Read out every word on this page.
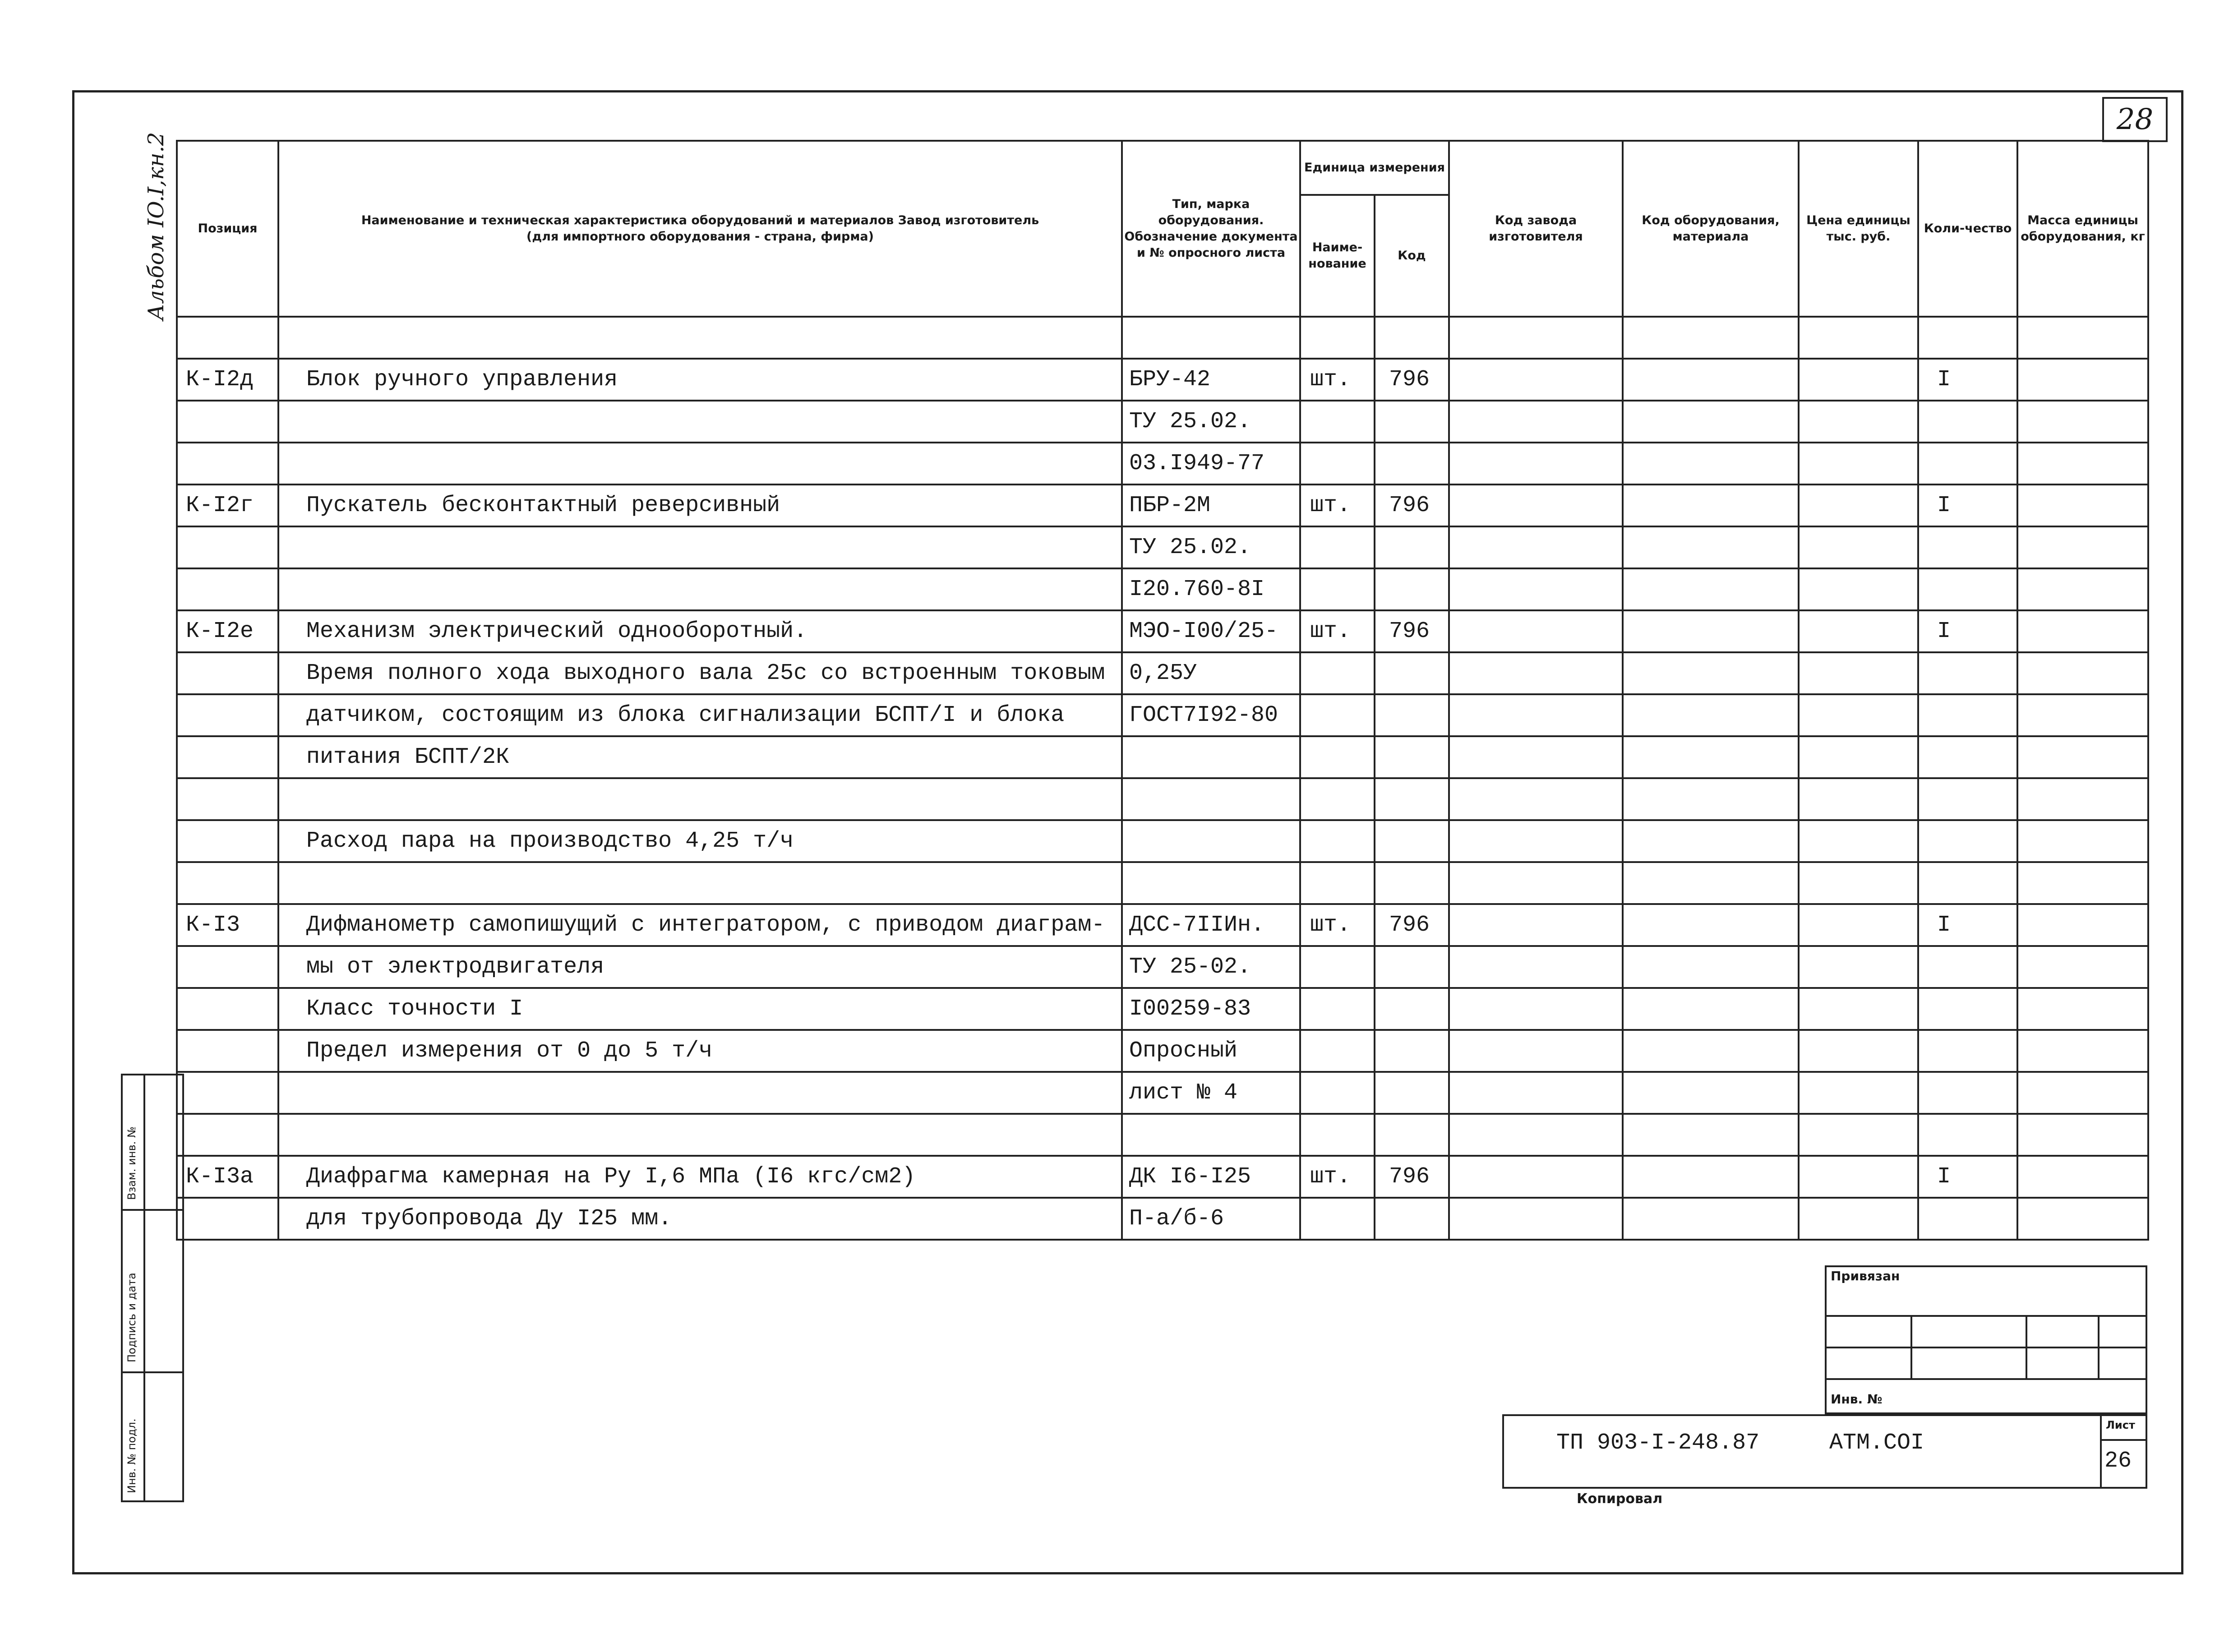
28
Альбом IO.I,кн.2
Инв. № подл.
Подпись и дата
Взам. инв. №
Позиция	Наименование и техническая характеристика оборудований и материалов Завод изготовитель (для импортного оборудования - страна, фирма)	Тип, марка оборудования. Обозначение документа и № опросного листа	Единица измерения		Код завода изготовителя	Код оборудования, материала	Цена единицы тыс. руб.	Коли-чество	Масса единицы оборудования, кг
			Наиме-нование	Код					

К-I2д	Блок ручного управления	БРУ-42	шт.	796				I	
		ТУ 25.02.							
		03.I949-77							
К-I2г	Пускатель бесконтактный реверсивный	ПБР-2М	шт.	796				I	
		ТУ 25.02.							
		I20.760-8I							
К-I2е	Механизм электрический однооборотный.	МЭО-I00/25-	шт.	796				I	
	Время полного хода выходного вала 25с со встроенным токовым	0,25У							
	датчиком, состоящим из блока сигнализации БСПТ/I и блока	ГОСТ7I92-80							
	питания БСПТ/2К								

	Расход пара на производство 4,25 т/ч								

К-I3	Дифманометр самопишущий с интегратором, с приводом диаграм-	ДСС-7IIИн.	шт.	796				I	
	мы от электродвигателя	ТУ 25-02.							
	Класс точности I	I00259-83							
	Предел измерения от 0 до 5 т/ч	Опросный							
		лист № 4							

К-I3а	Диафрагма камерная на Ру I,6 МПа (I6 кгс/см2)	ДК I6-I25	шт.	796				I	
	для трубопровода Ду I25 мм.	П-а/б-6							
Привязан
Инв. №
ТП 903-I-248.87	АТМ.СОI
Лист
26
Копировал
